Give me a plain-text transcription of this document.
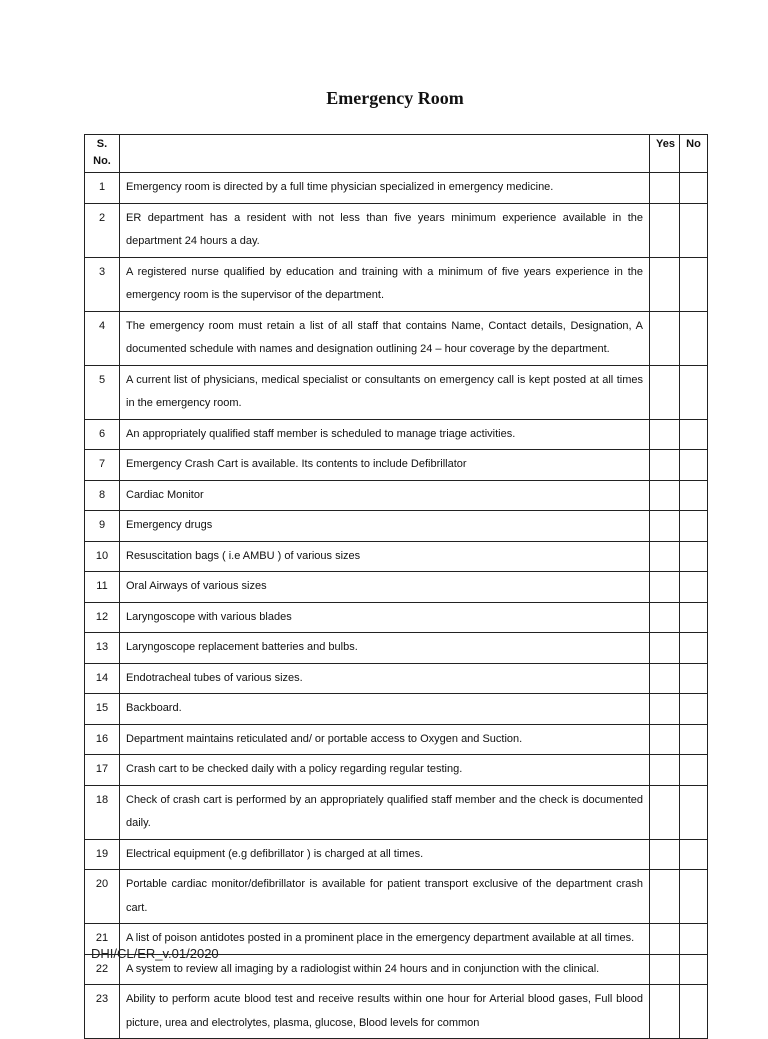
Emergency Room
S. No.		Yes	No
1	Emergency room is directed by a full time physician specialized in emergency medicine.		
2	ER department has a resident with not less than five years minimum experience available in the department 24 hours a day.		
3	A registered nurse qualified by education and training with a minimum of five years experience in the emergency room is the supervisor of the department.		
4	The emergency room must retain a list of all staff that contains Name, Contact details, Designation, A documented schedule with names and designation outlining 24 – hour coverage by the department.		
5	A current list of physicians, medical specialist or consultants on emergency call is kept posted at all times in the emergency room.		
6	An appropriately qualified staff member is scheduled to manage triage activities.		
7	Emergency Crash Cart is available. Its contents to include Defibrillator		
8	Cardiac Monitor		
9	Emergency drugs		
10	Resuscitation bags ( i.e AMBU ) of various sizes		
11	Oral Airways of various sizes		
12	Laryngoscope with various blades		
13	Laryngoscope replacement batteries and bulbs.		
14	Endotracheal tubes of various sizes.		
15	Backboard.		
16	Department maintains reticulated and/ or portable access to Oxygen and Suction.		
17	Crash cart to be checked daily with a policy regarding regular testing.		
18	Check of crash cart is performed by an appropriately qualified staff member and the check is documented daily.		
19	Electrical equipment (e.g defibrillator ) is charged at all times.		
20	Portable cardiac monitor/defibrillator is available for patient transport exclusive of the department crash cart.		
21	A list of poison antidotes posted in a prominent place in the emergency department available at all times.		
22	A system to review all imaging by a radiologist within 24 hours and in conjunction with the clinical.		
23	Ability to perform acute blood test and receive results within one hour for Arterial blood gases, Full blood picture, urea and electrolytes, plasma, glucose, Blood levels for common		
DHI/CL/ER_v.01/2020
